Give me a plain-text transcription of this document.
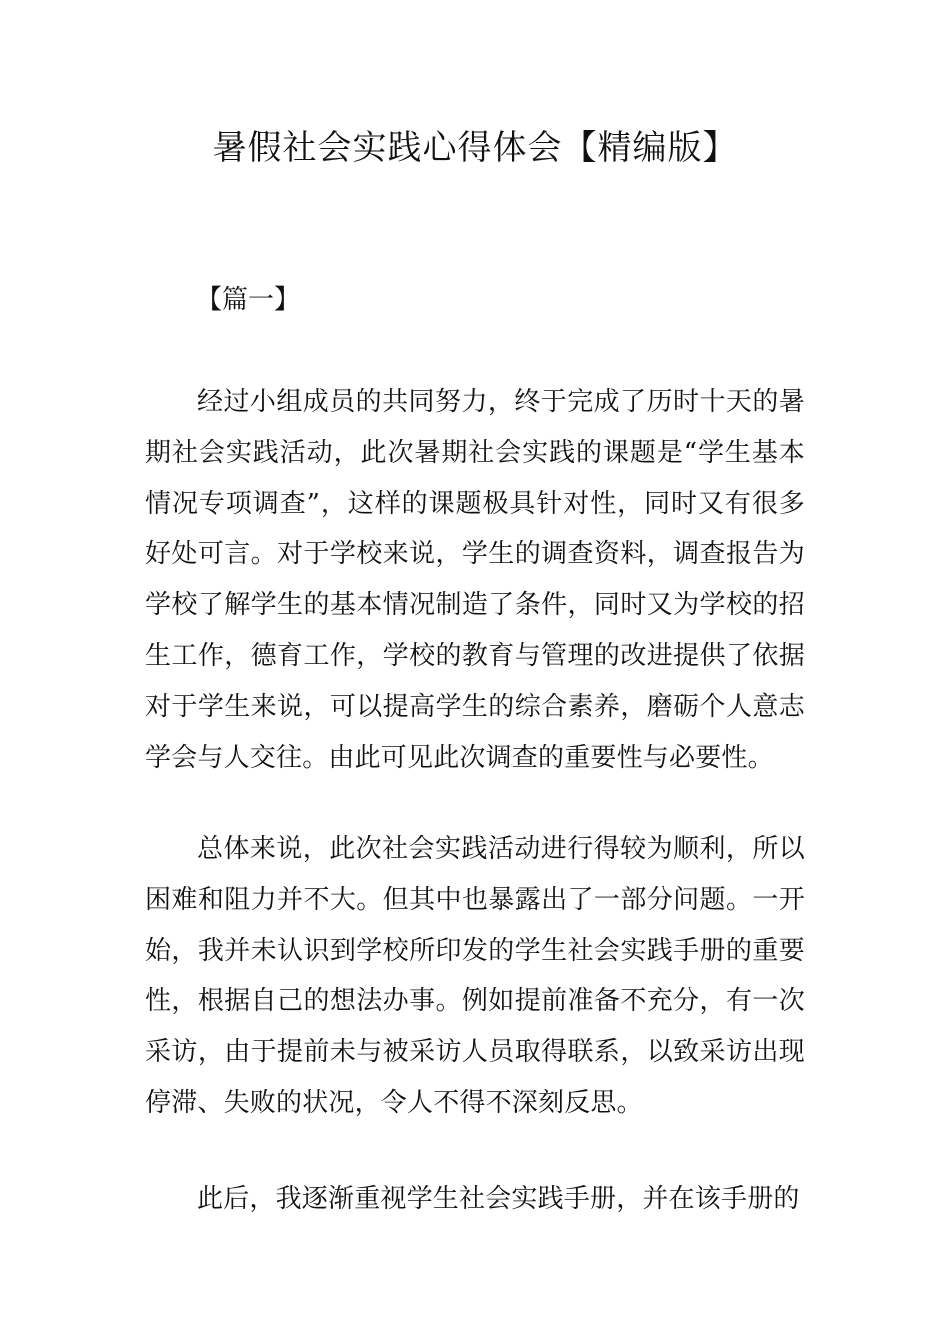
暑假社会实践心得体会【精编版】

【篇一】

经过小组成员的共同努力，终于完成了历时十天的暑期社会实践活动，此次暑期社会实践的课题是“学生基本情况专项调查”，这样的课题极具针对性，同时又有很多好处可言。对于学校来说，学生的调查资料，调查报告为学校了解学生的基本情况制造了条件，同时又为学校的招生工作，德育工作，学校的教育与管理的改进提供了依据对于学生来说，可以提高学生的综合素养，磨砺个人意志学会与人交往。由此可见此次调查的重要性与必要性。

总体来说，此次社会实践活动进行得较为顺利，所以困难和阻力并不大。但其中也暴露出了一部分问题。一开始，我并未认识到学校所印发的学生社会实践手册的重要性，根据自己的想法办事。例如提前准备不充分，有一次采访，由于提前未与被采访人员取得联系，以致采访出现停滞、失败的状况，令人不得不深刻反思。

此后，我逐渐重视学生社会实践手册，并在该手册的
